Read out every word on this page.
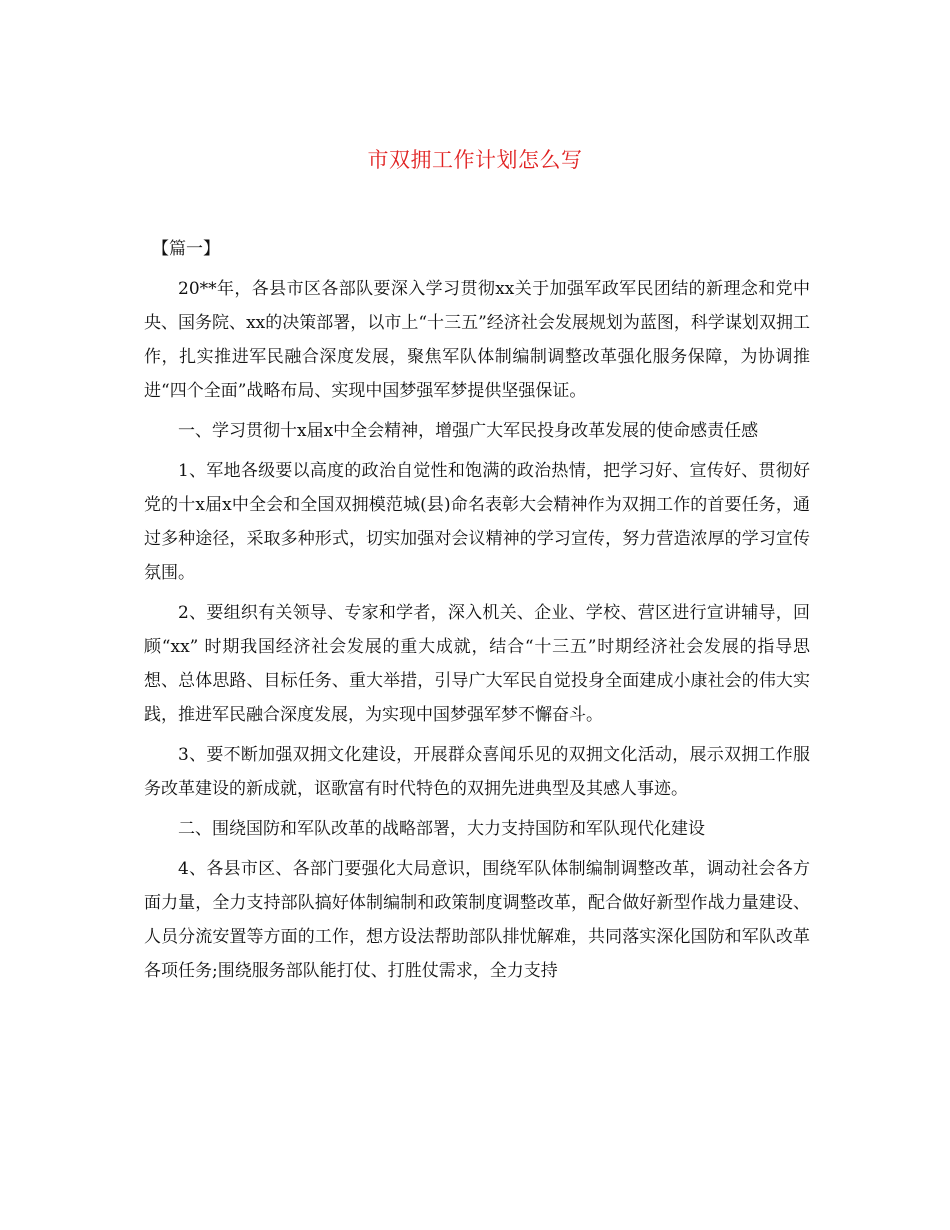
市双拥工作计划怎么写

【篇一】

20**年，各县市区各部队要深入学习贯彻xx关于加强军政军民团结的新理念和党中央、国务院、xx的决策部署，以市上“十三五”经济社会发展规划为蓝图，科学谋划双拥工作，扎实推进军民融合深度发展，聚焦军队体制编制调整改革强化服务保障，为协调推进“四个全面”战略布局、实现中国梦强军梦提供坚强保证。

一、学习贯彻十x届x中全会精神，增强广大军民投身改革发展的使命感责任感

1、军地各级要以高度的政治自觉性和饱满的政治热情，把学习好、宣传好、贯彻好党的十x届x中全会和全国双拥模范城(县)命名表彰大会精神作为双拥工作的首要任务，通过多种途径，采取多种形式，切实加强对会议精神的学习宣传，努力营造浓厚的学习宣传氛围。

2、要组织有关领导、专家和学者，深入机关、企业、学校、营区进行宣讲辅导，回顾“xx” 时期我国经济社会发展的重大成就，结合“十三五”时期经济社会发展的指导思想、总体思路、目标任务、重大举措，引导广大军民自觉投身全面建成小康社会的伟大实践，推进军民融合深度发展，为实现中国梦强军梦不懈奋斗。

3、要不断加强双拥文化建设，开展群众喜闻乐见的双拥文化活动，展示双拥工作服务改革建设的新成就，讴歌富有时代特色的双拥先进典型及其感人事迹。

二、围绕国防和军队改革的战略部署，大力支持国防和军队现代化建设

4、各县市区、各部门要强化大局意识，围绕军队体制编制调整改革，调动社会各方面力量，全力支持部队搞好体制编制和政策制度调整改革，配合做好新型作战力量建设、人员分流安置等方面的工作，想方设法帮助部队排忧解难，共同落实深化国防和军队改革各项任务;围绕服务部队能打仗、打胜仗需求，全力支持
